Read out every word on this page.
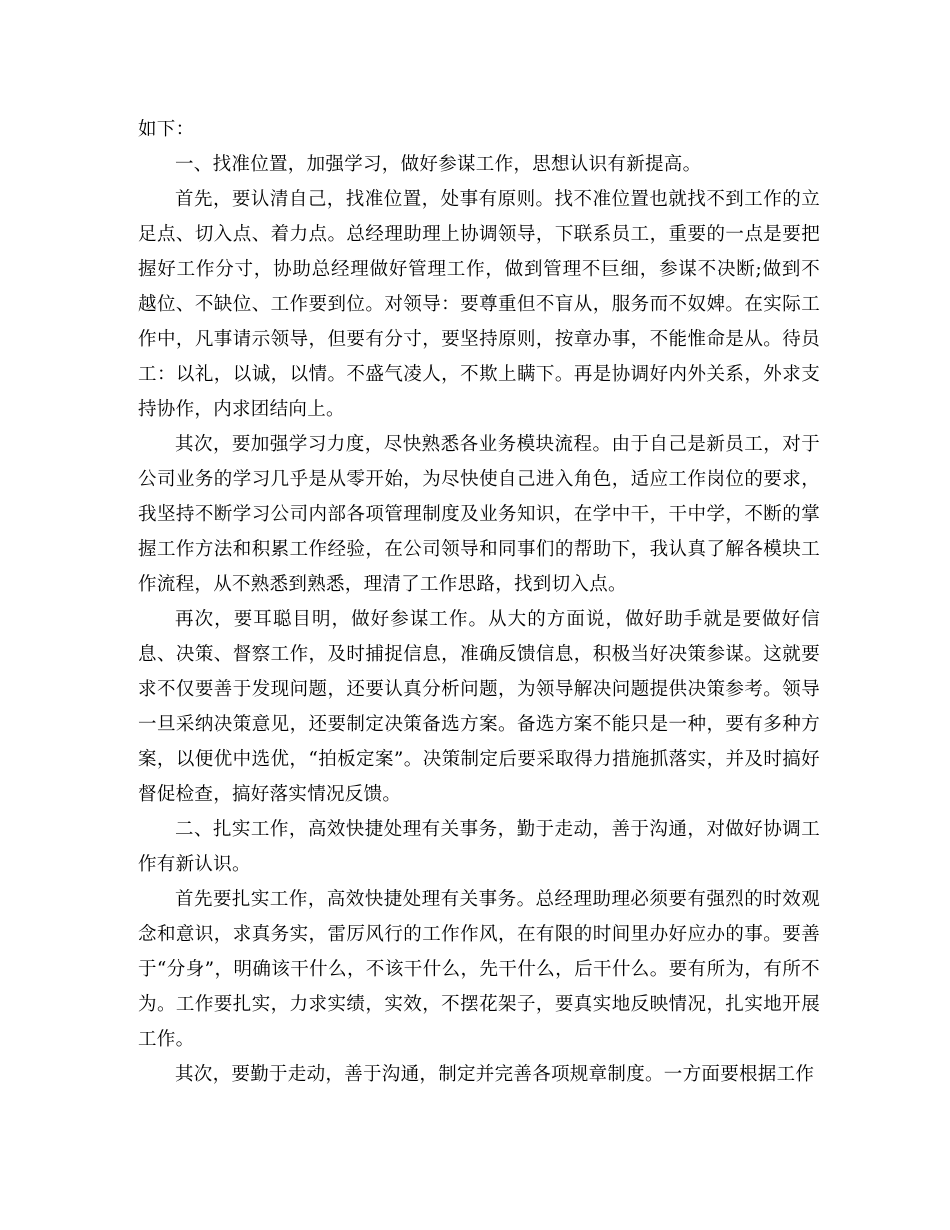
如下：

一、找准位置，加强学习，做好参谋工作，思想认识有新提高。

首先，要认清自己，找准位置，处事有原则。找不准位置也就找不到工作的立足点、切入点、着力点。总经理助理上协调领导，下联系员工，重要的一点是要把握好工作分寸，协助总经理做好管理工作，做到管理不巨细，参谋不决断;做到不越位、不缺位、工作要到位。对领导：要尊重但不盲从，服务而不奴婢。在实际工作中，凡事请示领导，但要有分寸，要坚持原则，按章办事，不能惟命是从。待员工：以礼，以诚，以情。不盛气凌人，不欺上瞒下。再是协调好内外关系，外求支持协作，内求团结向上。

其次，要加强学习力度，尽快熟悉各业务模块流程。由于自己是新员工，对于公司业务的学习几乎是从零开始，为尽快使自己进入角色，适应工作岗位的要求，我坚持不断学习公司内部各项管理制度及业务知识，在学中干，干中学，不断的掌握工作方法和积累工作经验，在公司领导和同事们的帮助下，我认真了解各模块工作流程，从不熟悉到熟悉，理清了工作思路，找到切入点。

再次，要耳聪目明，做好参谋工作。从大的方面说，做好助手就是要做好信息、决策、督察工作，及时捕捉信息，准确反馈信息，积极当好决策参谋。这就要求不仅要善于发现问题，还要认真分析问题，为领导解决问题提供决策参考。领导一旦采纳决策意见，还要制定决策备选方案。备选方案不能只是一种，要有多种方案，以便优中选优，“拍板定案”。决策制定后要采取得力措施抓落实，并及时搞好督促检查，搞好落实情况反馈。

二、扎实工作，高效快捷处理有关事务，勤于走动，善于沟通，对做好协调工作有新认识。

首先要扎实工作，高效快捷处理有关事务。总经理助理必须要有强烈的时效观念和意识，求真务实，雷厉风行的工作作风，在有限的时间里办好应办的事。要善于“分身”，明确该干什么，不该干什么，先干什么，后干什么。要有所为，有所不为。工作要扎实，力求实绩，实效，不摆花架子，要真实地反映情况，扎实地开展工作。

其次，要勤于走动，善于沟通，制定并完善各项规章制度。一方面要根据工作
